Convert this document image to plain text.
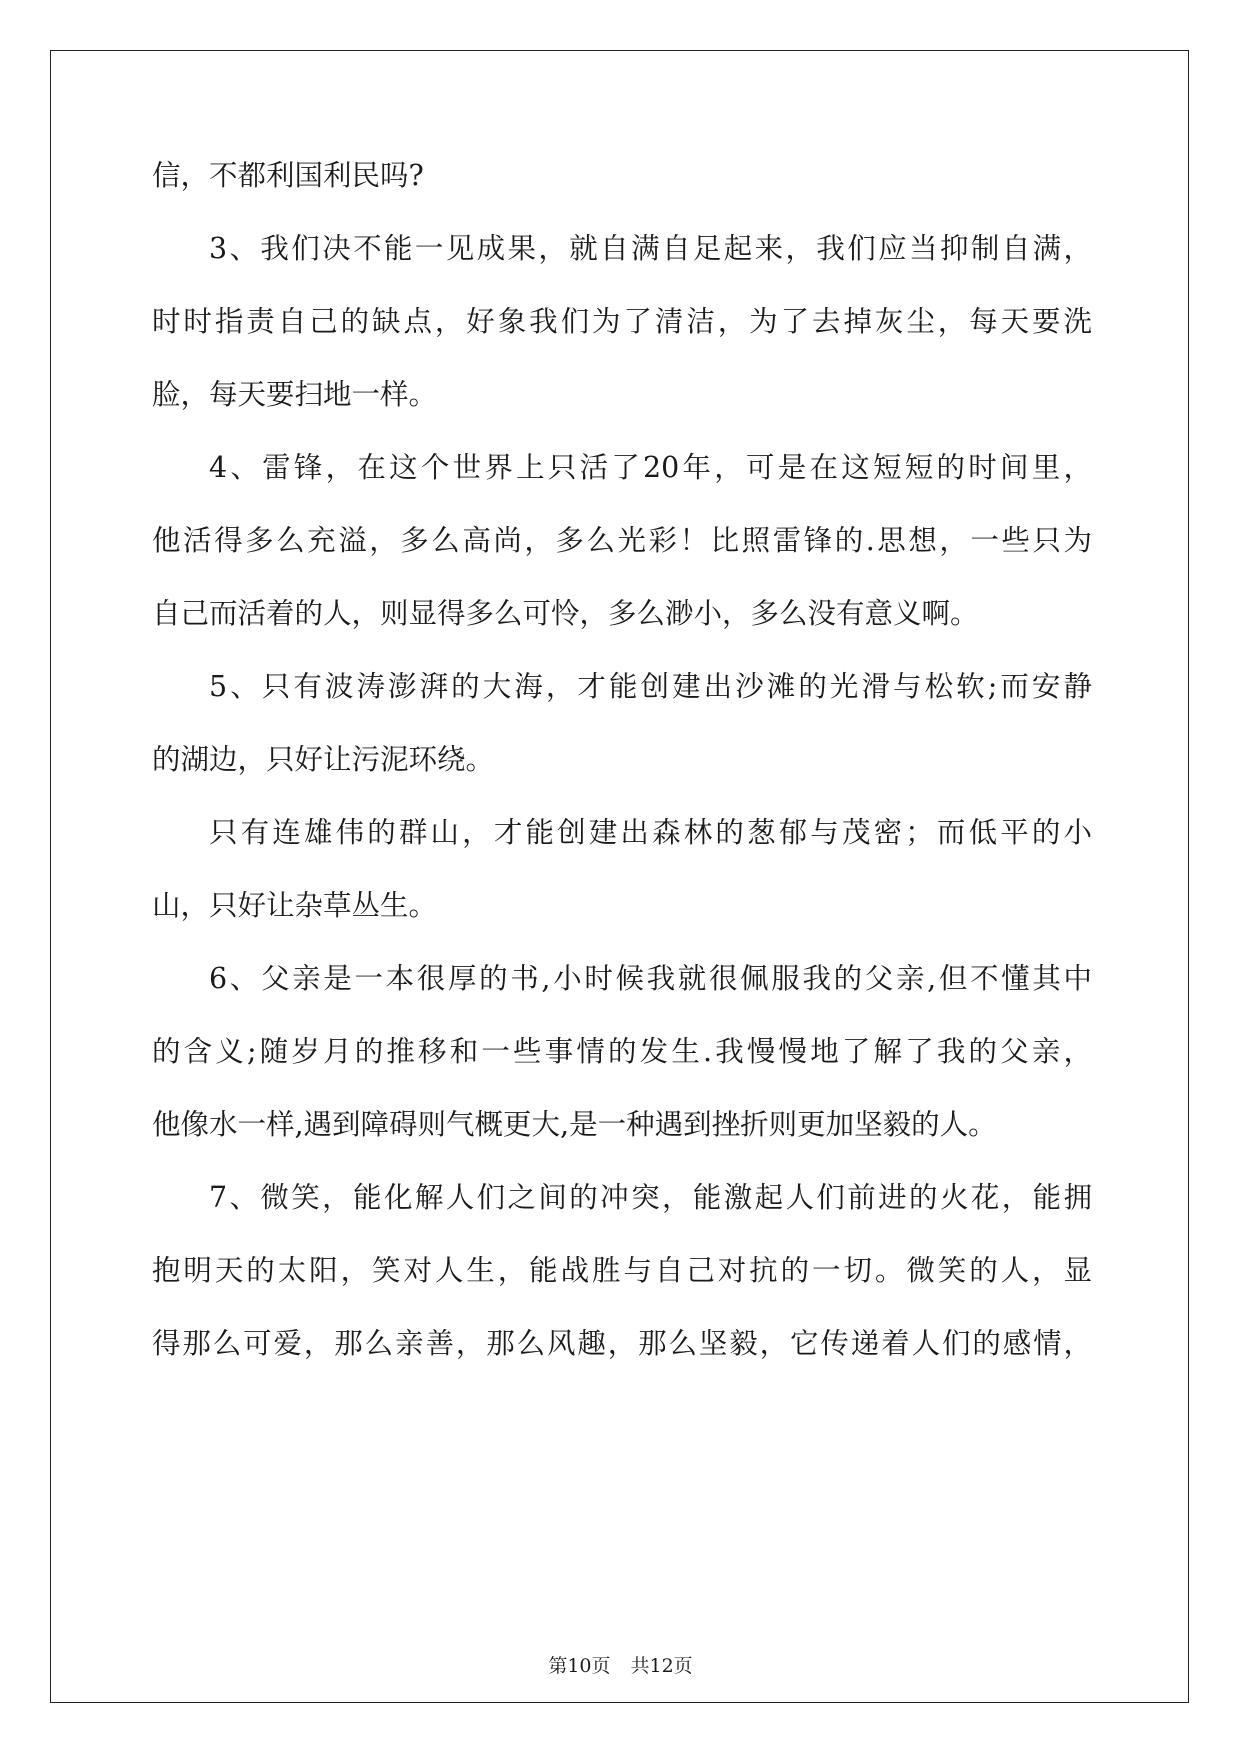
信，不都利国利民吗?
3、我们决不能一见成果，就自满自足起来，我们应当抑制自满，
时时指责自己的缺点，好象我们为了清洁，为了去掉灰尘，每天要洗
脸，每天要扫地一样。
4、雷锋，在这个世界上只活了20年，可是在这短短的时间里，
他活得多么充溢，多么高尚，多么光彩！比照雷锋的.思想，一些只为
自己而活着的人，则显得多么可怜，多么渺小，多么没有意义啊。
5、只有波涛澎湃的大海，才能创建出沙滩的光滑与松软;而安静
的湖边，只好让污泥环绕。
只有连雄伟的群山，才能创建出森林的葱郁与茂密；而低平的小
山，只好让杂草丛生。
6、父亲是一本很厚的书,小时候我就很佩服我的父亲,但不懂其中
的含义;随岁月的推移和一些事情的发生.我慢慢地了解了我的父亲，
他像水一样,遇到障碍则气概更大,是一种遇到挫折则更加坚毅的人。
7、微笑，能化解人们之间的冲突，能激起人们前进的火花，能拥
抱明天的太阳，笑对人生，能战胜与自己对抗的一切。微笑的人，显
得那么可爱，那么亲善，那么风趣，那么坚毅，它传递着人们的感情，
第10页 共12页
